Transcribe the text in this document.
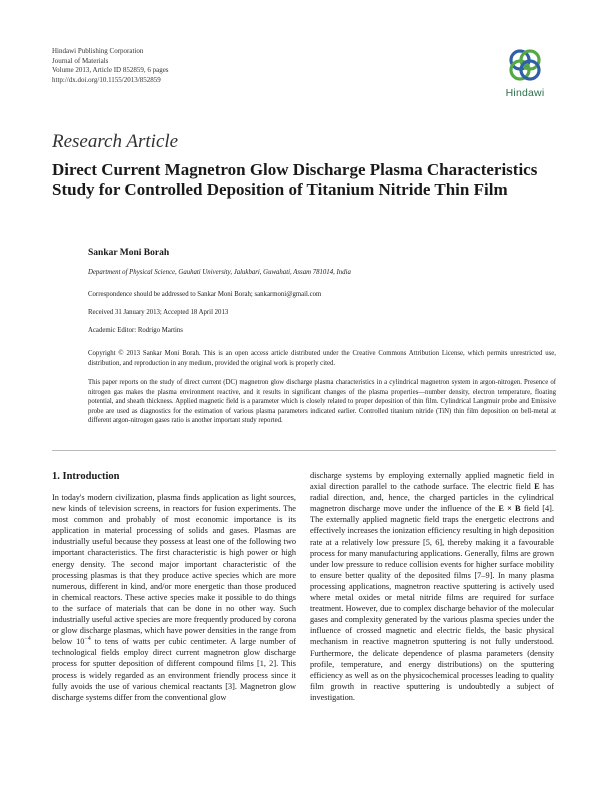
Hindawi Publishing Corporation
Journal of Materials
Volume 2013, Article ID 852859, 6 pages
http://dx.doi.org/10.1155/2013/852859
Hindawi
Research Article
Direct Current Magnetron Glow Discharge Plasma Characteristics Study for Controlled Deposition of Titanium Nitride Thin Film
Sankar Moni Borah
Department of Physical Science, Gauhati University, Jalukbari, Guwahati, Assam 781014, India
Correspondence should be addressed to Sankar Moni Borah; sankarmoni@gmail.com
Received 31 January 2013; Accepted 18 April 2013
Academic Editor: Rodrigo Martins
Copyright © 2013 Sankar Moni Borah. This is an open access article distributed under the Creative Commons Attribution License, which permits unrestricted use, distribution, and reproduction in any medium, provided the original work is properly cited.
This paper reports on the study of direct current (DC) magnetron glow discharge plasma characteristics in a cylindrical magnetron system in argon-nitrogen. Presence of nitrogen gas makes the plasma environment reactive, and it results in significant changes of the plasma properties—number density, electron temperature, floating potential, and sheath thickness. Applied magnetic field is a parameter which is closely related to proper deposition of thin film. Cylindrical Langmuir probe and Emissive probe are used as diagnostics for the estimation of various plasma parameters indicated earlier. Controlled titanium nitride (TiN) thin film deposition on bell-metal at different argon-nitrogen gases ratio is another important study reported.
1. Introduction

In today's modern civilization, plasma finds application as light sources, new kinds of television screens, in reactors for fusion experiments. The most common and probably of most economic importance is its application in material processing of solids and gases. Plasmas are industrially useful because they possess at least one of the following two important characteristics. The first characteristic is high power or high energy density. The second major important characteristic of the processing plasmas is that they produce active species which are more numerous, different in kind, and/or more energetic than those produced in chemical reactors. These active species make it possible to do things to the surface of materials that can be done in no other way. Such industrially useful active species are more frequently produced by corona or glow discharge plasmas, which have power densities in the range from below $10^{-4}$ to tens of watts per cubic centimeter. A large number of technological fields employ direct current magnetron glow discharge process for sputter deposition of different compound films [1, 2]. This process is widely regarded as an environment friendly process since it fully avoids the use of various chemical reactants [3]. Magnetron glow discharge systems differ from the conventional glow

discharge systems by employing externally applied magnetic field in axial direction parallel to the cathode surface. The electric field E has radial direction, and, hence, the charged particles in the cylindrical magnetron discharge move under the influence of the E × B field [4]. The externally applied magnetic field traps the energetic electrons and effectively increases the ionization efficiency resulting in high deposition rate at a relatively low pressure [5, 6], thereby making it a favourable process for many manufacturing applications. Generally, films are grown under low pressure to reduce collision events for higher surface mobility to ensure better quality of the deposited films [7–9]. In many plasma processing applications, magnetron reactive sputtering is actively used where metal oxides or metal nitride films are required for surface treatment. However, due to complex discharge behavior of the molecular gases and complexity generated by the various plasma species under the influence of crossed magnetic and electric fields, the basic physical mechanism in reactive magnetron sputtering is not fully understood. Furthermore, the delicate dependence of plasma parameters (density profile, temperature, and energy distributions) on the sputtering efficiency as well as on the physicochemical processes leading to quality film growth in reactive sputtering is undoubtedly a subject of investigation.
